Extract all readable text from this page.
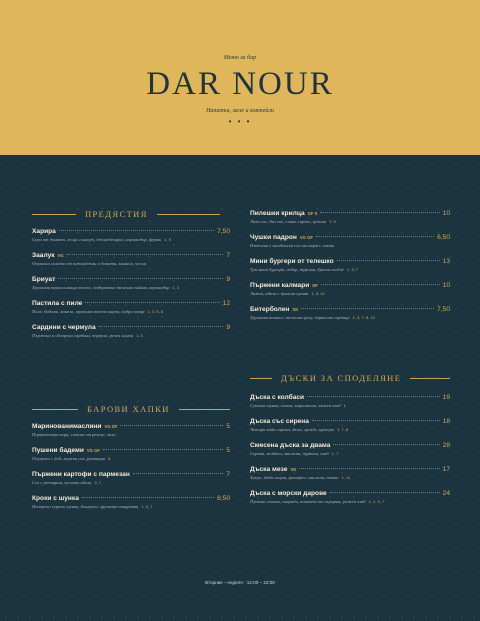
Меню за бар
DAR NOUR
Напитки, мезе и коктейли
• • •
ПРЕДЯСТИЯ
Харира	7,50
Супа от домати, леща и нахут, джинджифил, кориандър, фурми 1, 9
Заалук VG	7
Опушена салата от патладжан и домати, кимион, чесън
Бриуат	9
Хрупкави триъгълници тесто, подправено телешко кайма, кориандър 1, 3
Пастила с пиле	12
Пиле, бадеми, канела, хрупкаво тесто варак, пудра захар 1, 3, 5, 8
Сардини с чермула	9
Пържени и обгорени сардини, чермула, резен лимон 1, 4
БАРОВИ ХАПКИ
Маринованимаслини VG GF	5
Портокалова кора, семена от резене, чили
Пушени бадеми VG GF	5
Опушени с дъб, морска сол, розмарин 8
Пържени картофи с пармезан	7
Сол с розмарин, чесново айоли 3, 7
Кроки с шунка	8,50
Испански серано шунка, бешамел, хрупкава панировка 1, 3, 7
Пилешки крилца GF S	10
Лют сос, бял сос, синьо сирене, целина 7, 9
Чушки падрон VG GF	6,50
Изпечени с малдонска сол на скара с лимон
Мини бургери от телешко	13
Три мини бургера, чедър, туршия, бриош хлебче 1, 3, 7
Пържени калмари DF	10
Лимон, айоли с пушена чушка 1, 3, 14
Битерболен SK	7,50
Хрупкави топки с телешко рагу, зърнеста горчица 1, 3, 7, 8, 10
ДЪСКИ ЗА СПОДЕЛЯНЕ
Дъска с колбаси	19
Сушена шунка, салам, корнишони, квасен хляб 1
Дъска със сирена	18
Четири вида сирена, дюли, грозде, крекери 1, 7, 8
Смесена дъска за двама	28
Сирена, колбаси, маслини, туршия, хляб 1, 7
Дъска мезе VG	17
Хумус, баба гануш, фалафел, маслини, питка 1, 11
Дъска с морски дарове	24
Пушена сьомга, скариди, паштет от скумрия, ръжен хляб 1, 2, 4, 7
Вторник – неделя · 12:00 – 23:00
